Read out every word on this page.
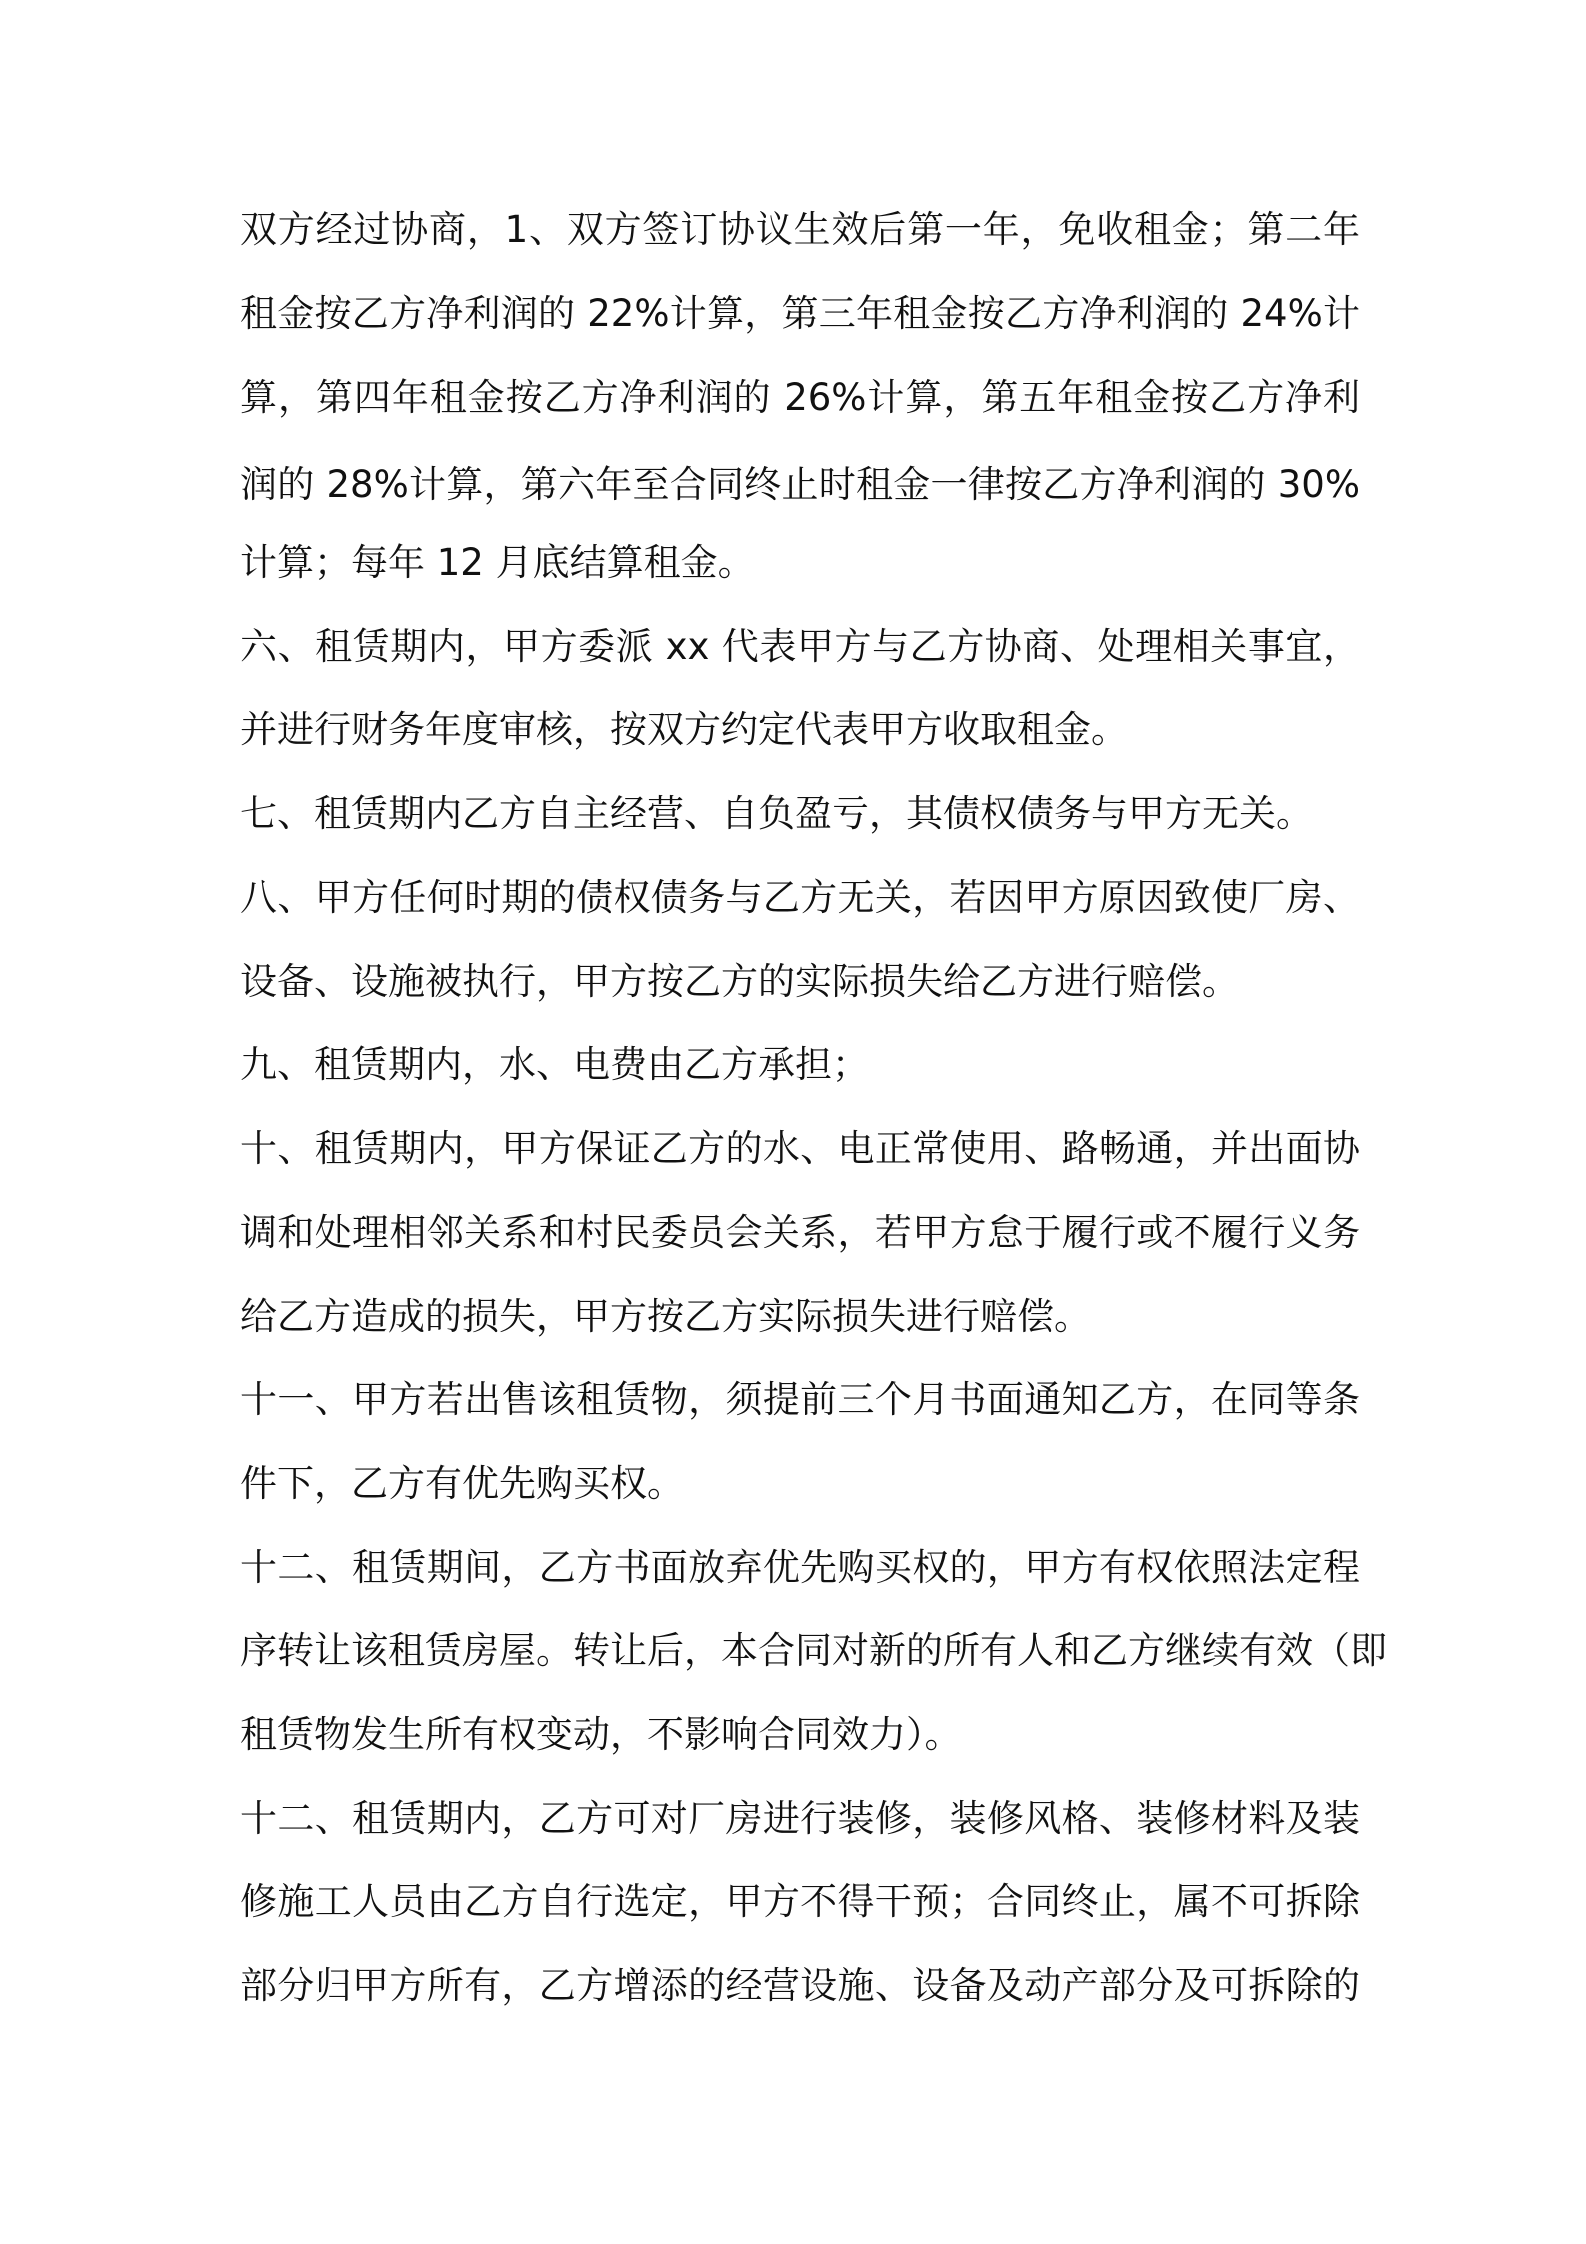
双方经过协商，1、双方签订协议生效后第一年，免收租金；第二年
租金按乙方净利润的 22%计算，第三年租金按乙方净利润的 24%计
算，第四年租金按乙方净利润的 26%计算，第五年租金按乙方净利
润的 28%计算，第六年至合同终止时租金一律按乙方净利润的 30%
计算；每年 12 月底结算租金。
六、租赁期内，甲方委派 xx 代表甲方与乙方协商、处理相关事宜，
并进行财务年度审核，按双方约定代表甲方收取租金。
七、租赁期内乙方自主经营、自负盈亏，其债权债务与甲方无关。
八、甲方任何时期的债权债务与乙方无关，若因甲方原因致使厂房、
设备、设施被执行，甲方按乙方的实际损失给乙方进行赔偿。
九、租赁期内，水、电费由乙方承担；
十、租赁期内，甲方保证乙方的水、电正常使用、路畅通，并出面协
调和处理相邻关系和村民委员会关系，若甲方怠于履行或不履行义务
给乙方造成的损失，甲方按乙方实际损失进行赔偿。
十一、甲方若出售该租赁物，须提前三个月书面通知乙方，在同等条
件下，乙方有优先购买权。
十二、租赁期间，乙方书面放弃优先购买权的，甲方有权依照法定程
序转让该租赁房屋。转让后，本合同对新的所有人和乙方继续有效（即
租赁物发生所有权变动，不影响合同效力）。
十二、租赁期内，乙方可对厂房进行装修，装修风格、装修材料及装
修施工人员由乙方自行选定，甲方不得干预；合同终止，属不可拆除
部分归甲方所有，乙方增添的经营设施、设备及动产部分及可拆除的
